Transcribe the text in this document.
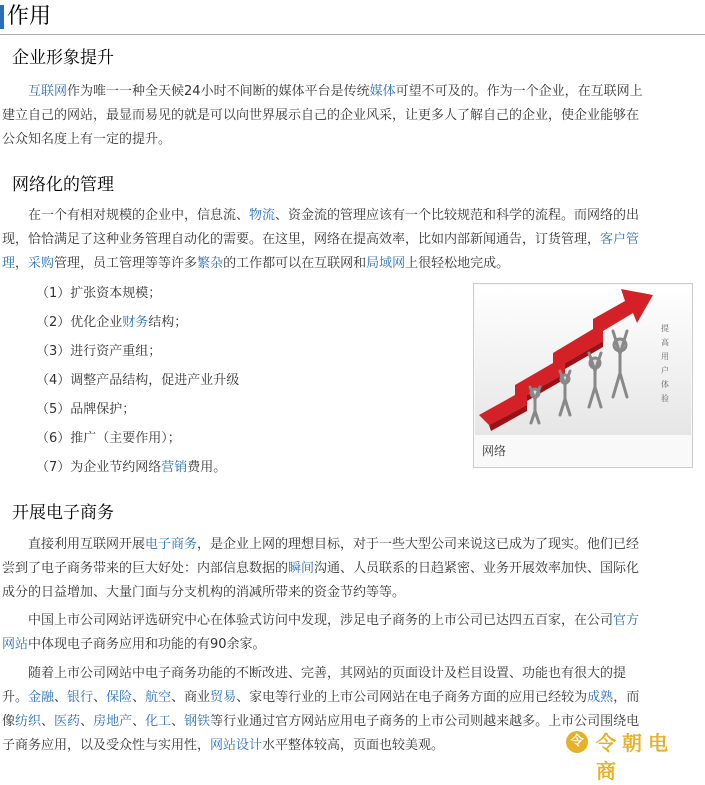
作用
企业形象提升
　　互联网作为唯一一种全天候24小时不间断的媒体平台是传统媒体可望不可及的。作为一个企业，在互联网上
建立自己的网站，最显而易见的就是可以向世界展示自己的企业风采，让更多人了解自己的企业，使企业能够在
公众知名度上有一定的提升。
网络化的管理
　　在一个有相对规模的企业中，信息流、物流、资金流的管理应该有一个比较规范和科学的流程。而网络的出
现，恰恰满足了这种业务管理自动化的需要。在这里，网络在提高效率，比如内部新闻通告，订货管理，客户管
理，采购管理，员工管理等等许多繁杂的工作都可以在互联网和局域网上很轻松地完成。
（1）扩张资本规模；
（2）优化企业财务结构；
（3）进行资产重组；
（4）调整产品结构，促进产业升级
（5）品牌保护；
（6）推广（主要作用）；
（7）为企业节约网络营销费用。
提
高
用
户
体
验
网络
开展电子商务
　　直接利用互联网开展电子商务，是企业上网的理想目标，对于一些大型公司来说这已成为了现实。他们已经
尝到了电子商务带来的巨大好处：内部信息数据的瞬间沟通、人员联系的日趋紧密、业务开展效率加快、国际化
成分的日益增加、大量门面与分支机构的消减所带来的资金节约等等。
　　中国上市公司网站评选研究中心在体验式访问中发现，涉足电子商务的上市公司已达四五百家，在公司官方
网站中体现电子商务应用和功能的有90余家。
　　随着上市公司网站中电子商务功能的不断改进、完善，其网站的页面设计及栏目设置、功能也有很大的提
升。金融、银行、保险、航空、商业贸易、家电等行业的上市公司网站在电子商务方面的应用已经较为成熟，而
像纺织、医药、房地产、化工、钢铁等行业通过官方网站应用电子商务的上市公司则越来越多。上市公司围绕电
子商务应用，以及受众性与实用性，网站设计水平整体较高，页面也较美观。	令 令朝电商
